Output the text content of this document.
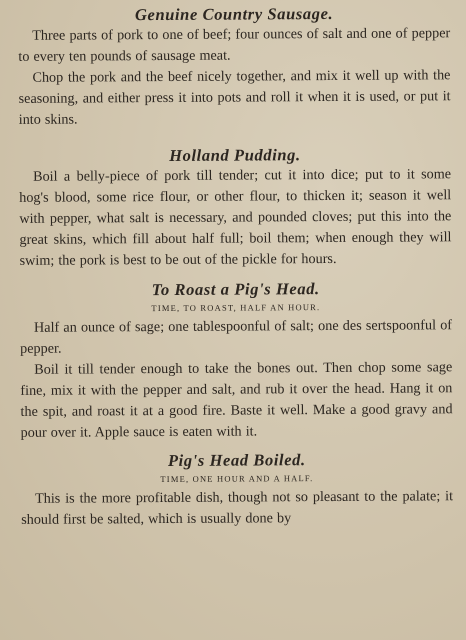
Genuine Country Sausage.

Three parts of pork to one of beef; four ounces of salt and one of pepper to every ten pounds of sausage meat.

Chop the pork and the beef nicely together, and mix it well up with the seasoning, and either press it into pots and roll it when it is used, or put it into skins.

Holland Pudding.

Boil a belly-piece of pork till tender; cut it into dice; put to it some hog's blood, some rice flour, or other flour, to thicken it; season it well with pepper, what salt is necessary, and pounded cloves; put this into the great skins, which fill about half full; boil them; when enough they will swim; the pork is best to be out of the pickle for hours.

To Roast a Pig's Head.
TIME, TO ROAST, HALF AN HOUR.

Half an ounce of sage; one tablespoonful of salt; one des sertspoonful of pepper.

Boil it till tender enough to take the bones out. Then chop some sage fine, mix it with the pepper and salt, and rub it over the head. Hang it on the spit, and roast it at a good fire. Baste it well. Make a good gravy and pour over it. Apple sauce is eaten with it.

Pig's Head Boiled.
TIME, ONE HOUR AND A HALF.

This is the more profitable dish, though not so pleasant to the palate; it should first be salted, which is usually done by
